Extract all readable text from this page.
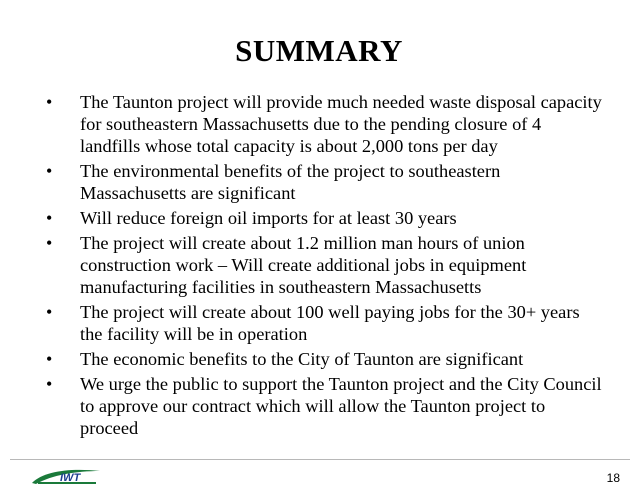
SUMMARY
• The Taunton project will provide much needed waste disposal capacity for southeastern Massachusetts due to the pending closure of 4 landfills whose total capacity is about 2,000 tons per day
• The environmental benefits of the project to southeastern Massachusetts are significant
• Will reduce foreign oil imports for at least 30 years
• The project will create about 1.2 million man hours of union construction work – Will create additional jobs in equipment manufacturing facilities in southeastern Massachusetts
• The project will create about 100 well paying jobs for the 30+ years the facility will be in operation
• The economic benefits to the City of Taunton are significant
• We urge the public to support the Taunton project and the City Council to approve our contract which will allow the Taunton project to proceed
IWT	18
